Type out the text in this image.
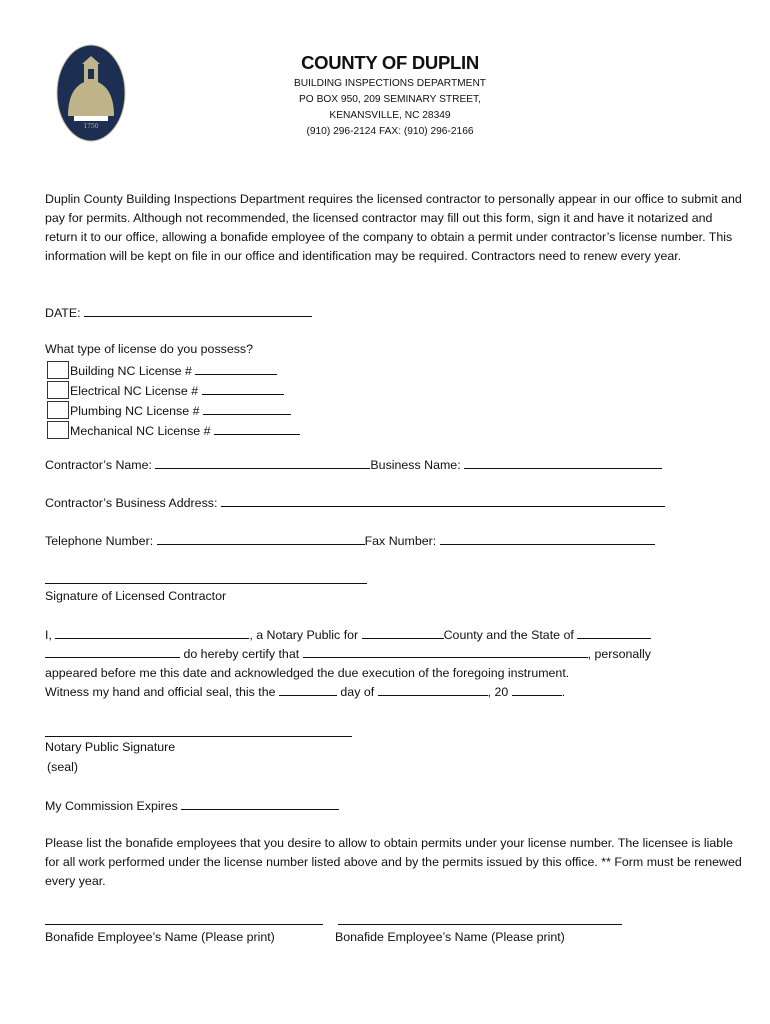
1750
COUNTY OF DUPLIN
BUILDING INSPECTIONS DEPARTMENT
PO BOX 950, 209 SEMINARY STREET,
KENANSVILLE, NC 28349
(910) 296-2124 FAX: (910) 296-2166
Duplin County Building Inspections Department requires the licensed contractor to personally appear in our office to submit and pay for permits. Although not recommended, the licensed contractor may fill out this form, sign it and have it notarized and return it to our office, allowing a bonafide employee of the company to obtain a permit under contractor’s license number. This information will be kept on file in our office and identification may be required. Contractors need to renew every year.
DATE:
What type of license do you possess?
Building NC License #
Electrical NC License #
Plumbing NC License #
Mechanical NC License #
Contractor’s Name:	Business Name:
Contractor’s Business Address:
Telephone Number:	Fax Number:
Signature of Licensed Contractor
I,	, a Notary Public for	County and the State of
do hereby certify that	, personally
appeared before me this date and acknowledged the due execution of the foregoing instrument.
Witness my hand and official seal, this the	day of	, 20	.
Notary Public Signature
(seal)
My Commission Expires
Please list the bonafide employees that you desire to allow to obtain permits under your license number. The licensee is liable for all work performed under the license number listed above and by the permits issued by this office. ** Form must be renewed every year.
Bonafide Employee’s Name (Please print)	Bonafide Employee’s Name (Please print)
